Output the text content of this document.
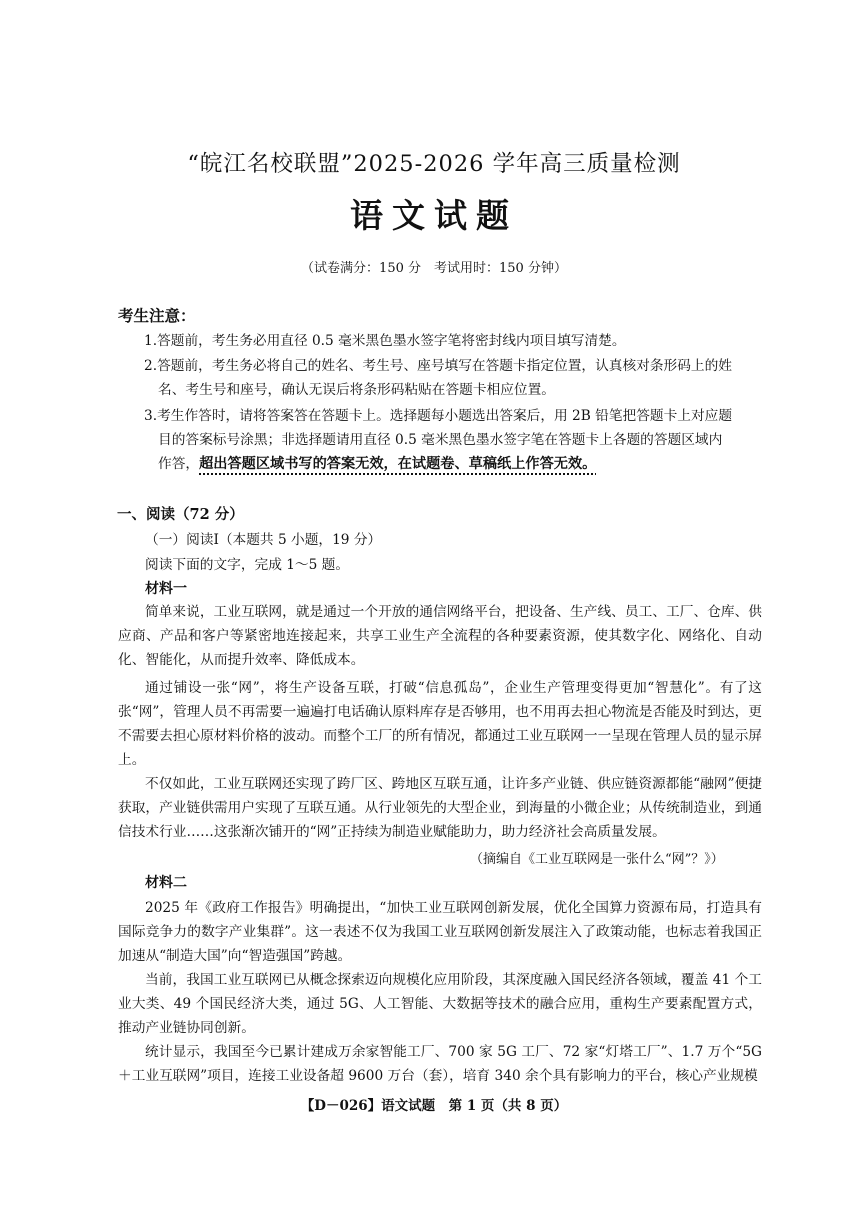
“皖江名校联盟”2025-2026 学年高三质量检测
语文试题
（试卷满分：150 分　考试用时：150 分钟）
考生注意：
1.答题前，考生务必用直径 0.5 毫米黑色墨水签字笔将密封线内项目填写清楚。
2.答题前，考生务必将自己的姓名、考生号、座号填写在答题卡指定位置，认真核对条形码上的姓
名、考生号和座号，确认无误后将条形码粘贴在答题卡相应位置。
3.考生作答时，请将答案答在答题卡上。选择题每小题选出答案后，用 2B 铅笔把答题卡上对应题
目的答案标号涂黑；非选择题请用直径 0.5 毫米黑色墨水签字笔在答题卡上各题的答题区域内
作答，超出答题区域书写的答案无效，在试题卷、草稿纸上作答无效。
一、阅读（72 分）
（一）阅读Ⅰ（本题共 5 小题，19 分）
阅读下面的文字，完成 1～5 题。
材料一

简单来说，工业互联网，就是通过一个开放的通信网络平台，把设备、生产线、员工、工厂、仓库、供应商、产品和客户等紧密地连接起来，共享工业生产全流程的各种要素资源，使其数字化、网络化、自动化、智能化，从而提升效率、降低成本。

通过铺设一张“网”，将生产设备互联，打破“信息孤岛”，企业生产管理变得更加“智慧化”。有了这张“网”，管理人员不再需要一遍遍打电话确认原料库存是否够用，也不用再去担心物流是否能及时到达，更不需要去担心原材料价格的波动。而整个工厂的所有情况，都通过工业互联网一一呈现在管理人员的显示屏上。

不仅如此，工业互联网还实现了跨厂区、跨地区互联互通，让许多产业链、供应链资源都能“融网”便捷获取，产业链供需用户实现了互联互通。从行业领先的大型企业，到海量的小微企业；从传统制造业，到通信技术行业……这张渐次铺开的“网”正持续为制造业赋能助力，助力经济社会高质量发展。

（摘编自《工业互联网是一张什么“网”？》）
材料二

2025 年《政府工作报告》明确提出，“加快工业互联网创新发展，优化全国算力资源布局，打造具有国际竞争力的数字产业集群”。这一表述不仅为我国工业互联网创新发展注入了政策动能，也标志着我国正加速从“制造大国”向“智造强国”跨越。

当前，我国工业互联网已从概念探索迈向规模化应用阶段，其深度融入国民经济各领域，覆盖 41 个工业大类、49 个国民经济大类，通过 5G、人工智能、大数据等技术的融合应用，重构生产要素配置方式，推动产业链协同创新。

统计显示，我国至今已累计建成万余家智能工厂、700 家 5G 工厂、72 家“灯塔工厂”、1.7 万个“5G＋工业互联网”项目，连接工业设备超 9600 万台（套），培育 340 余个具有影响力的平台，核心产业规模

【D－026】语文试题　第 1 页（共 8 页）
